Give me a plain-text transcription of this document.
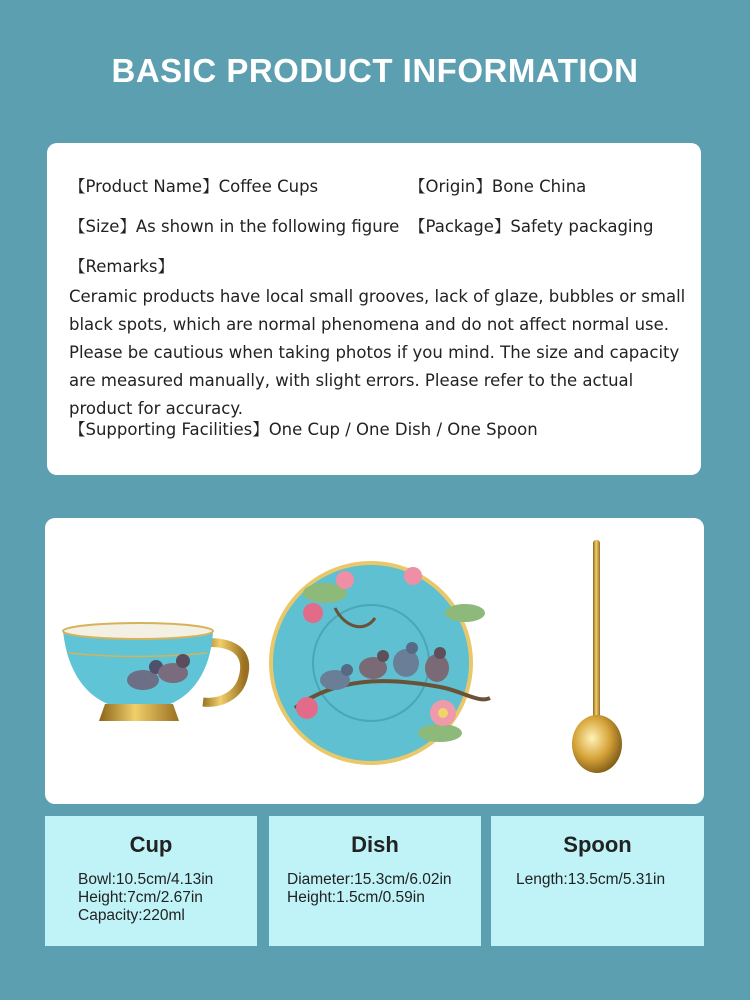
BASIC PRODUCT INFORMATION
【Product Name】Coffee Cups	【Origin】Bone China
【Size】As shown in the following figure 【Package】Safety packaging
【Remarks】
Ceramic products have local small grooves, lack of glaze, bubbles or small black spots, which are normal phenomena and do not affect normal use. Please be cautious when taking photos if you mind. The size and capacity are measured manually, with slight errors. Please refer to the actual product for accuracy.
【Supporting Facilities】One Cup / One Dish / One Spoon
Cup
Bowl:10.5cm/4.13in
Height:7cm/2.67in
Capacity:220ml
Dish
Diameter:15.3cm/6.02in
Height:1.5cm/0.59in
Spoon
Length:13.5cm/5.31in
